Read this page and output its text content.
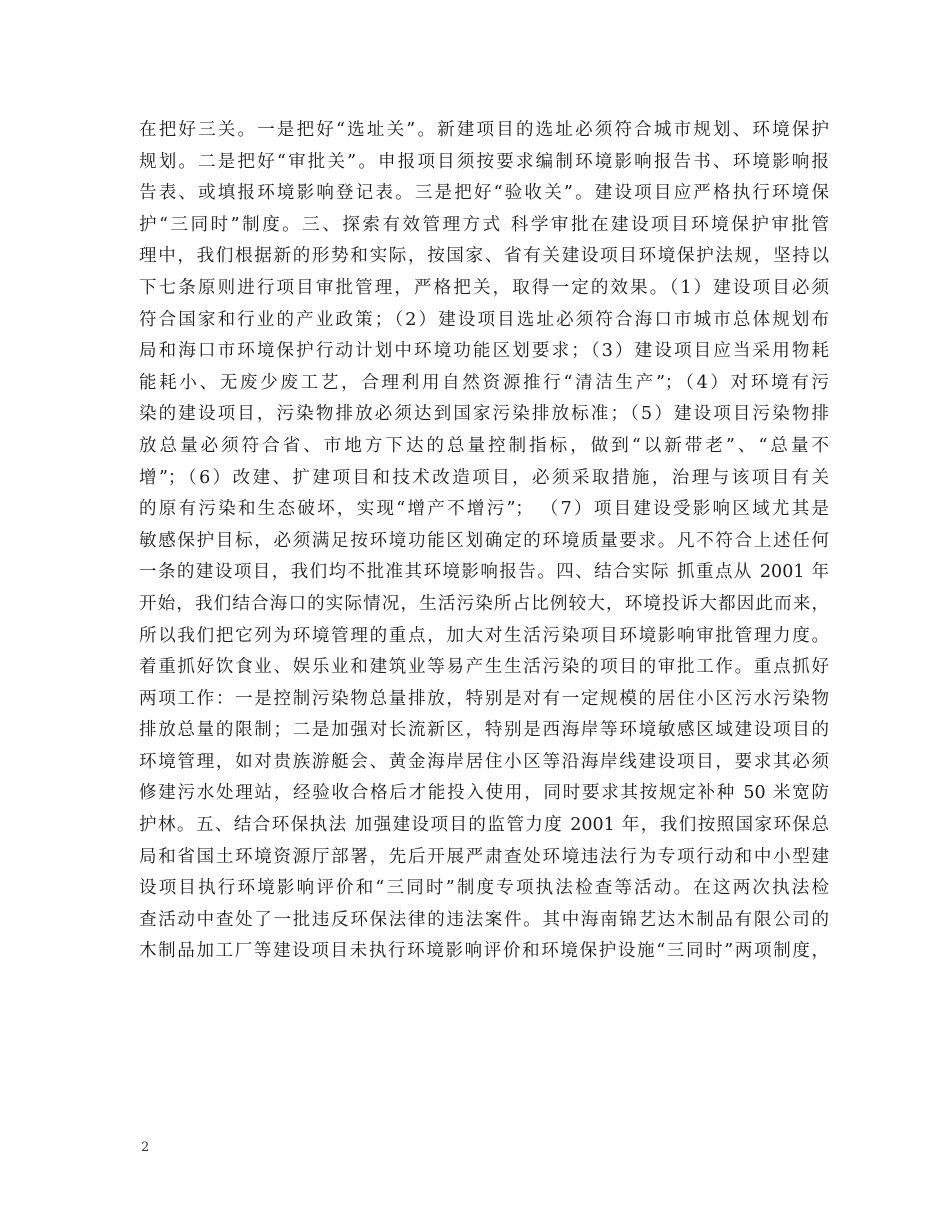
在把好三关。一是把好“选址关”。新建项目的选址必须符合城市规划、环境保护
规划。二是把好“审批关”。申报项目须按要求编制环境影响报告书、环境影响报
告表、或填报环境影响登记表。三是把好“验收关”。建设项目应严格执行环境保
护“三同时”制度。三、探索有效管理方式 科学审批在建设项目环境保护审批管
理中，我们根据新的形势和实际，按国家、省有关建设项目环境保护法规，坚持以
下七条原则进行项目审批管理，严格把关，取得一定的效果。（1）建设项目必须
符合国家和行业的产业政策；（2）建设项目选址必须符合海口市城市总体规划布
局和海口市环境保护行动计划中环境功能区划要求；（3）建设项目应当采用物耗
能耗小、无废少废工艺，合理利用自然资源推行“清洁生产”；（4）对环境有污
染的建设项目，污染物排放必须达到国家污染排放标准；（5）建设项目污染物排
放总量必须符合省、市地方下达的总量控制指标，做到“以新带老”、“总量不
增”；（6）改建、扩建项目和技术改造项目，必须采取措施，治理与该项目有关
的原有污染和生态破坏，实现“增产不增污”； （7）项目建设受影响区域尤其是
敏感保护目标，必须满足按环境功能区划确定的环境质量要求。凡不符合上述任何
一条的建设项目，我们均不批准其环境影响报告。四、结合实际 抓重点从 2001 年
开始，我们结合海口的实际情况，生活污染所占比例较大，环境投诉大都因此而来，
所以我们把它列为环境管理的重点，加大对生活污染项目环境影响审批管理力度。
着重抓好饮食业、娱乐业和建筑业等易产生生活污染的项目的审批工作。重点抓好
两项工作：一是控制污染物总量排放，特别是对有一定规模的居住小区污水污染物
排放总量的限制；二是加强对长流新区，特别是西海岸等环境敏感区域建设项目的
环境管理，如对贵族游艇会、黄金海岸居住小区等沿海岸线建设项目，要求其必须
修建污水处理站，经验收合格后才能投入使用，同时要求其按规定补种 50 米宽防
护林。五、结合环保执法 加强建设项目的监管力度 2001 年，我们按照国家环保总
局和省国土环境资源厅部署，先后开展严肃查处环境违法行为专项行动和中小型建
设项目执行环境影响评价和“三同时”制度专项执法检查等活动。在这两次执法检
查活动中查处了一批违反环保法律的违法案件。其中海南锦艺达木制品有限公司的
木制品加工厂等建设项目未执行环境影响评价和环境保护设施“三同时”两项制度，
2
